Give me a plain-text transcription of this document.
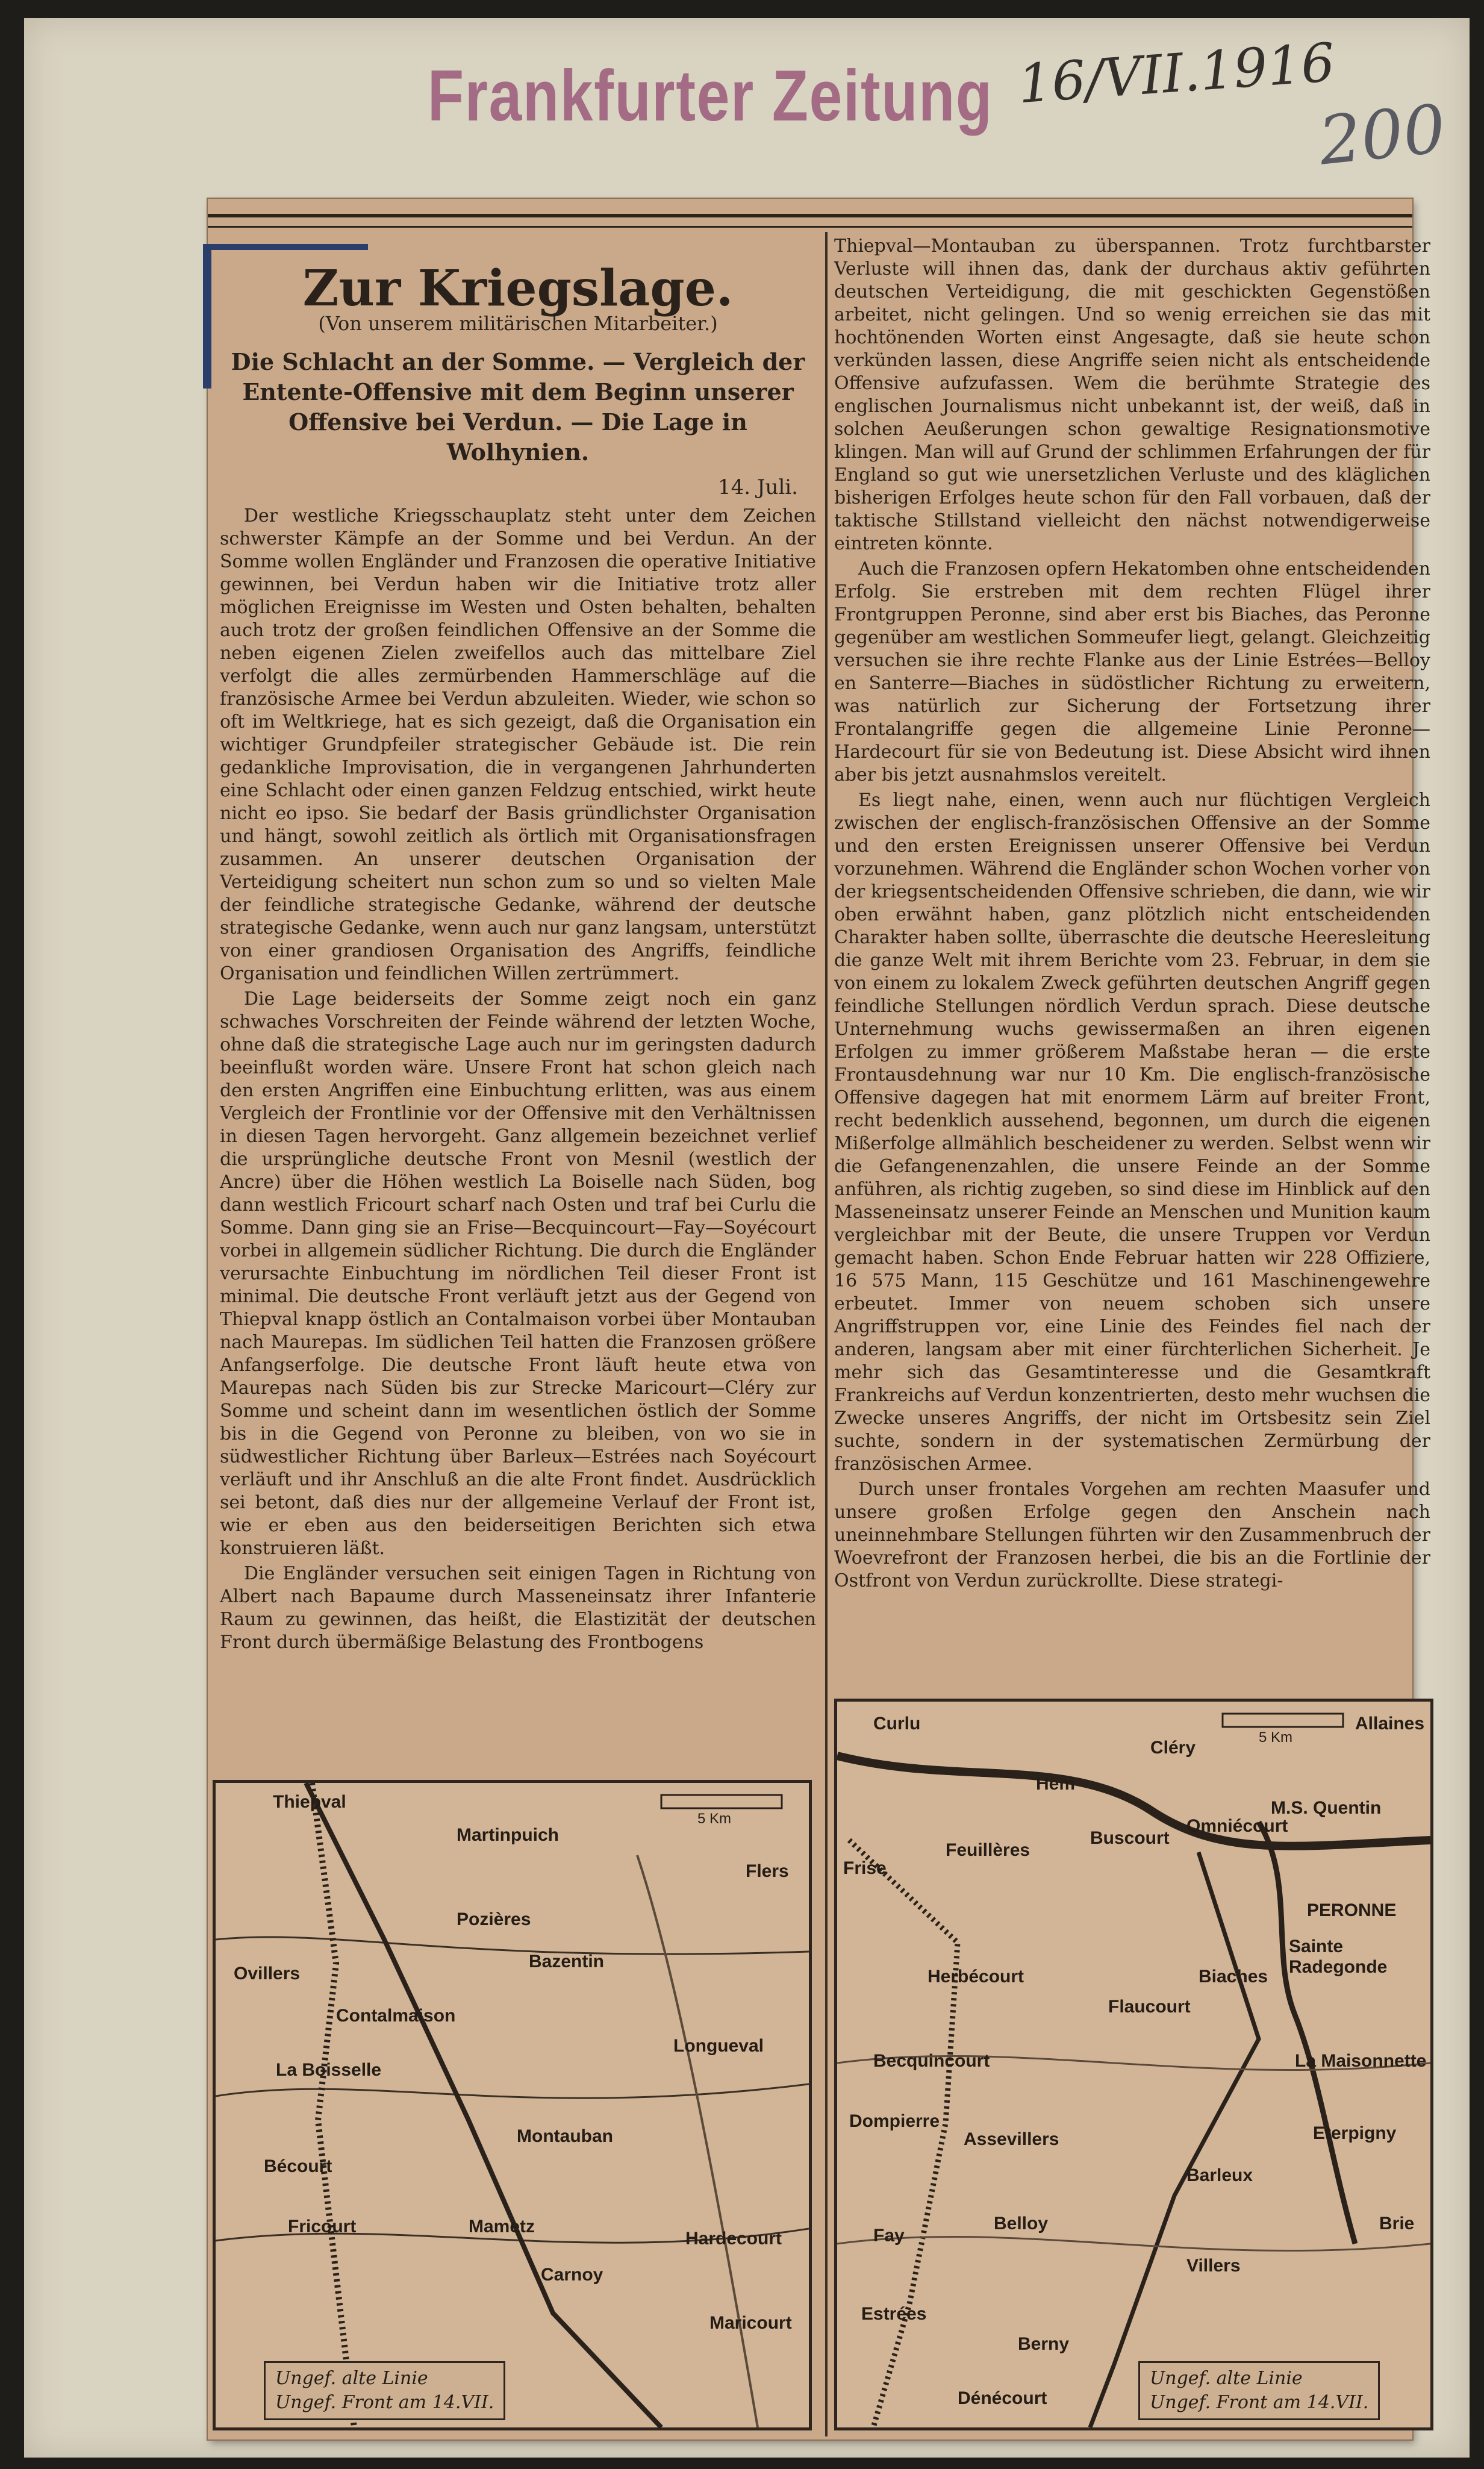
Frankfurter Zeitung 16/VII.1916
200
Zur Kriegslage.
(Von unserem militärischen Mitarbeiter.)
Die Schlacht an der Somme. — Vergleich der Entente-Offensive mit dem Beginn unserer Offensive bei Verdun. — Die Lage in Wolhynien.
14. Juli.

Der westliche Kriegsschauplatz steht unter dem Zeichen schwerster Kämpfe an der Somme und bei Verdun. An der Somme wollen Engländer und Franzosen die operative Initiative gewinnen, bei Verdun haben wir die Initiative trotz aller möglichen Ereignisse im Westen und Osten behalten, behalten auch trotz der großen feindlichen Offensive an der Somme die neben eigenen Zielen zweifellos auch das mittelbare Ziel verfolgt die alles zermürbenden Hammerschläge auf die französische Armee bei Verdun abzuleiten. Wieder, wie schon so oft im Weltkriege, hat es sich gezeigt, daß die Organisation ein wichtiger Grundpfeiler strategischer Gebäude ist. Die rein gedankliche Improvisation, die in vergangenen Jahrhunderten eine Schlacht oder einen ganzen Feldzug entschied, wirkt heute nicht eo ipso. Sie bedarf der Basis gründlichster Organisation und hängt, sowohl zeitlich als örtlich mit Organisationsfragen zusammen. An unserer deutschen Organisation der Verteidigung scheitert nun schon zum so und so vielten Male der feindliche strategische Gedanke, während der deutsche strategische Gedanke, wenn auch nur ganz langsam, unterstützt von einer grandiosen Organisation des Angriffs, feindliche Organisation und feindlichen Willen zertrümmert.

Die Lage beiderseits der Somme zeigt noch ein ganz schwaches Vorschreiten der Feinde während der letzten Woche, ohne daß die strategische Lage auch nur im geringsten dadurch beeinflußt worden wäre. Unsere Front hat schon gleich nach den ersten Angriffen eine Einbuchtung erlitten, was aus einem Vergleich der Frontlinie vor der Offensive mit den Verhältnissen in diesen Tagen hervorgeht. Ganz allgemein bezeichnet verlief die ursprüngliche deutsche Front von Mesnil (westlich der Ancre) über die Höhen westlich La Boiselle nach Süden, bog dann westlich Fricourt scharf nach Osten und traf bei Curlu die Somme. Dann ging sie an Frise—Becquincourt—Fay—Soyécourt vorbei in allgemein südlicher Richtung. Die durch die Engländer verursachte Einbuchtung im nördlichen Teil dieser Front ist minimal. Die deutsche Front verläuft jetzt aus der Gegend von Thiepval knapp östlich an Contalmaison vorbei über Montauban nach Maurepas. Im südlichen Teil hatten die Franzosen größere Anfangserfolge. Die deutsche Front läuft heute etwa von Maurepas nach Süden bis zur Strecke Maricourt—Cléry zur Somme und scheint dann im wesentlichen östlich der Somme bis in die Gegend von Peronne zu bleiben, von wo sie in südwestlicher Richtung über Barleux—Estrées nach Soyécourt verläuft und ihr Anschluß an die alte Front findet. Ausdrücklich sei betont, daß dies nur der allgemeine Verlauf der Front ist, wie er eben aus den beiderseitigen Berichten sich etwa konstruieren läßt.

Die Engländer versuchen seit einigen Tagen in Richtung von Albert nach Bapaume durch Masseneinsatz ihrer Infanterie Raum zu gewinnen, das heißt, die Elastizität der deutschen Front durch übermäßige Belastung des Frontbogens

Thiepval—Montauban zu überspannen. Trotz furchtbarster Verluste will ihnen das, dank der durchaus aktiv geführten deutschen Verteidigung, die mit geschickten Gegenstößen arbeitet, nicht gelingen. Und so wenig erreichen sie das mit hochtönenden Worten einst Angesagte, daß sie heute schon verkünden lassen, diese Angriffe seien nicht als entscheidende Offensive aufzufassen. Wem die berühmte Strategie des englischen Journalismus nicht unbekannt ist, der weiß, daß in solchen Aeußerungen schon gewaltige Resignationsmotive klingen. Man will auf Grund der schlimmen Erfahrungen der für England so gut wie unersetzlichen Verluste und des kläglichen bisherigen Erfolges heute schon für den Fall vorbauen, daß der taktische Stillstand vielleicht den nächst notwendigerweise eintreten könnte.

Auch die Franzosen opfern Hekatomben ohne entscheidenden Erfolg. Sie erstreben mit dem rechten Flügel ihrer Frontgruppen Peronne, sind aber erst bis Biaches, das Peronne gegenüber am westlichen Sommeufer liegt, gelangt. Gleichzeitig versuchen sie ihre rechte Flanke aus der Linie Estrées—Belloy en Santerre—Biaches in südöstlicher Richtung zu erweitern, was natürlich zur Sicherung der Fortsetzung ihrer Frontalangriffe gegen die allgemeine Linie Peronne—Hardecourt für sie von Bedeutung ist. Diese Absicht wird ihnen aber bis jetzt ausnahmslos vereitelt.

Es liegt nahe, einen, wenn auch nur flüchtigen Vergleich zwischen der englisch-französischen Offensive an der Somme und den ersten Ereignissen unserer Offensive bei Verdun vorzunehmen. Während die Engländer schon Wochen vorher von der kriegsentscheidenden Offensive schrieben, die dann, wie wir oben erwähnt haben, ganz plötzlich nicht entscheidenden Charakter haben sollte, überraschte die deutsche Heeresleitung die ganze Welt mit ihrem Berichte vom 23. Februar, in dem sie von einem zu lokalem Zweck geführten deutschen Angriff gegen feindliche Stellungen nördlich Verdun sprach. Diese deutsche Unternehmung wuchs gewissermaßen an ihren eigenen Erfolgen zu immer größerem Maßstabe heran — die erste Frontausdehnung war nur 10 Km. Die englisch-französische Offensive dagegen hat mit enormem Lärm auf breiter Front, recht bedenklich aussehend, begonnen, um durch die eigenen Mißerfolge allmählich bescheidener zu werden. Selbst wenn wir die Gefangenenzahlen, die unsere Feinde an der Somme anführen, als richtig zugeben, so sind diese im Hinblick auf den Masseneinsatz unserer Feinde an Menschen und Munition kaum vergleichbar mit der Beute, die unsere Truppen vor Verdun gemacht haben. Schon Ende Februar hatten wir 228 Offiziere, 16 575 Mann, 115 Geschütze und 161 Maschinengewehre erbeutet. Immer von neuem schoben sich unsere Angriffstruppen vor, eine Linie des Feindes fiel nach der anderen, langsam aber mit einer fürchterlichen Sicherheit. Je mehr sich das Gesamtinteresse und die Gesamtkraft Frankreichs auf Verdun konzentrierten, desto mehr wuchsen die Zwecke unseres Angriffs, der nicht im Ortsbesitz sein Ziel suchte, sondern in der systematischen Zermürbung der französischen Armee.

Durch unser frontales Vorgehen am rechten Maasufer und unsere großen Erfolge gegen den Anschein nach uneinnehmbare Stellungen führten wir den Zusammenbruch der Woevrefront der Franzosen herbei, die bis an die Fortlinie der Ostfront von Verdun zurückrollte. Diese strategi-

5 Km
Thiepval
Martinpuich
Flers
Pozières
Ovillers
Bazentin
Contalmaison
Longueval
La Boisselle
Montauban
Bécourt
Fricourt	Mametz
Hardecourt
Carnoy
Maricourt
Ungef. alte Linie
Ungef. Front am 14.VII.
5 Km
Curlu
Cléry
Allaines
Hem
Omniécourt
M.S. Quentin
Frise
Feuillères
Buscourt
PERONNE
Herbécourt	Biaches
Sainte Radegonde
Flaucourt
Becquincourt	La Maisonnette
Dompierre
Assevillers	Eterpigny
Barleux
Fay
Belloy
Villers
Estrées
Berny
Brie
Dénécourt
Ungef. alte Linie
Ungef. Front am 14.VII.
